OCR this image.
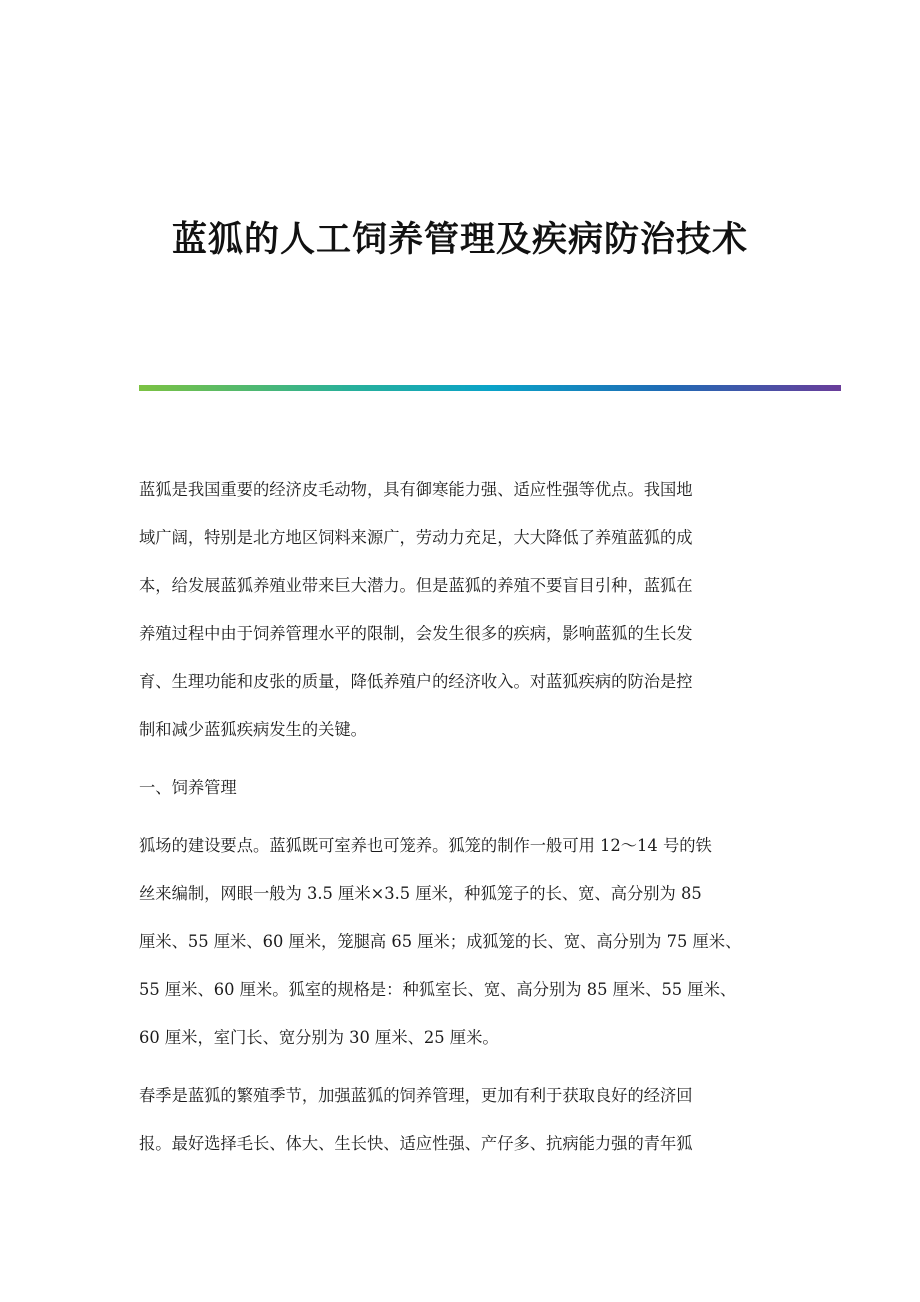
蓝狐的人工饲养管理及疾病防治技术
蓝狐是我国重要的经济皮毛动物，具有御寒能力强、适应性强等优点。我国地
域广阔，特别是北方地区饲料来源广，劳动力充足，大大降低了养殖蓝狐的成
本，给发展蓝狐养殖业带来巨大潜力。但是蓝狐的养殖不要盲目引种，蓝狐在
养殖过程中由于饲养管理水平的限制，会发生很多的疾病，影响蓝狐的生长发
育、生理功能和皮张的质量，降低养殖户的经济收入。对蓝狐疾病的防治是控
制和减少蓝狐疾病发生的关键。
一、饲养管理
狐场的建设要点。蓝狐既可室养也可笼养。狐笼的制作一般可用 12～14 号的铁
丝来编制，网眼一般为 3.5 厘米×3.5 厘米，种狐笼子的长、宽、高分别为 85
厘米、55 厘米、60 厘米，笼腿高 65 厘米；成狐笼的长、宽、高分别为 75 厘米、
55 厘米、60 厘米。狐室的规格是：种狐室长、宽、高分别为 85 厘米、55 厘米、
60 厘米，室门长、宽分别为 30 厘米、25 厘米。
春季是蓝狐的繁殖季节，加强蓝狐的饲养管理，更加有利于获取良好的经济回
报。最好选择毛长、体大、生长快、适应性强、产仔多、抗病能力强的青年狐
